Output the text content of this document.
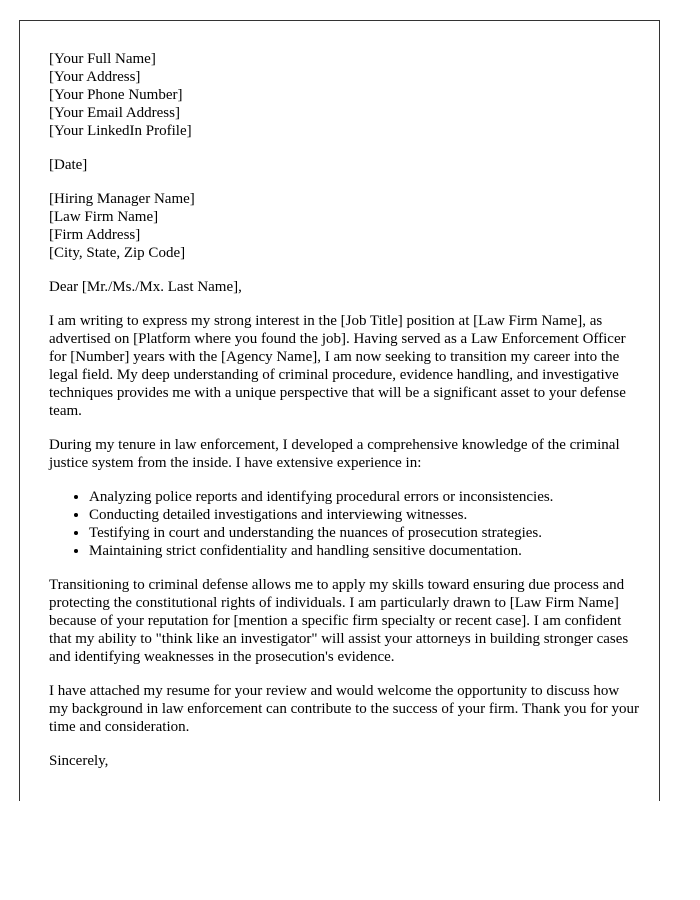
[Your Full Name]
[Your Address]
[Your Phone Number]
[Your Email Address]
[Your LinkedIn Profile]
[Date]
[Hiring Manager Name]
[Law Firm Name]
[Firm Address]
[City, State, Zip Code]

Dear [Mr./Ms./Mx. Last Name],

I am writing to express my strong interest in the [Job Title] position at [Law Firm Name], as advertised on [Platform where you found the job]. Having served as a Law Enforcement Officer for [Number] years with the [Agency Name], I am now seeking to transition my career into the legal field. My deep understanding of criminal procedure, evidence handling, and investigative techniques provides me with a unique perspective that will be a significant asset to your defense team.

During my tenure in law enforcement, I developed a comprehensive knowledge of the criminal justice system from the inside. I have extensive experience in:

• Analyzing police reports and identifying procedural errors or inconsistencies.
• Conducting detailed investigations and interviewing witnesses.
• Testifying in court and understanding the nuances of prosecution strategies.
• Maintaining strict confidentiality and handling sensitive documentation.

Transitioning to criminal defense allows me to apply my skills toward ensuring due process and protecting the constitutional rights of individuals. I am particularly drawn to [Law Firm Name] because of your reputation for [mention a specific firm specialty or recent case]. I am confident that my ability to "think like an investigator" will assist your attorneys in building stronger cases and identifying weaknesses in the prosecution's evidence.

I have attached my resume for your review and would welcome the opportunity to discuss how my background in law enforcement can contribute to the success of your firm. Thank you for your time and consideration.

Sincerely,
